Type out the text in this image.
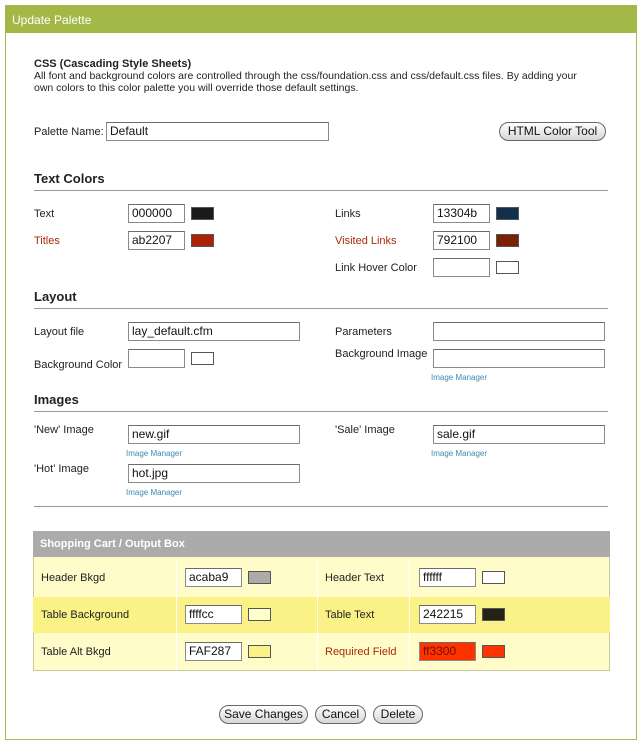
Update Palette
CSS (Cascading Style Sheets)
All font and background colors are controlled through the css/foundation.css and css/default.css files. By adding your
own colors to this color palette you will override those default settings.
Palette Name: Default	HTML Color Tool
Text Colors
Text	000000
Titles	ab2207
Links	13304b
Visited Links	792100
Link Hover Color
Layout
Layout file	lay_default.cfm	Parameters
Background Color
Background Image
Image Manager
Images
'New' Image	new.gif
Image Manager
'Sale' Image	sale.gif
Image Manager
'Hot' Image	hot.jpg
Image Manager
Shopping Cart / Output Box
Header Bkgd	acaba9	Header Text	ffffff
Table Background	ffffcc	Table Text	242215
Table Alt Bkgd	FAF287	Required Field	ff3300
Save Changes	Cancel	Delete
